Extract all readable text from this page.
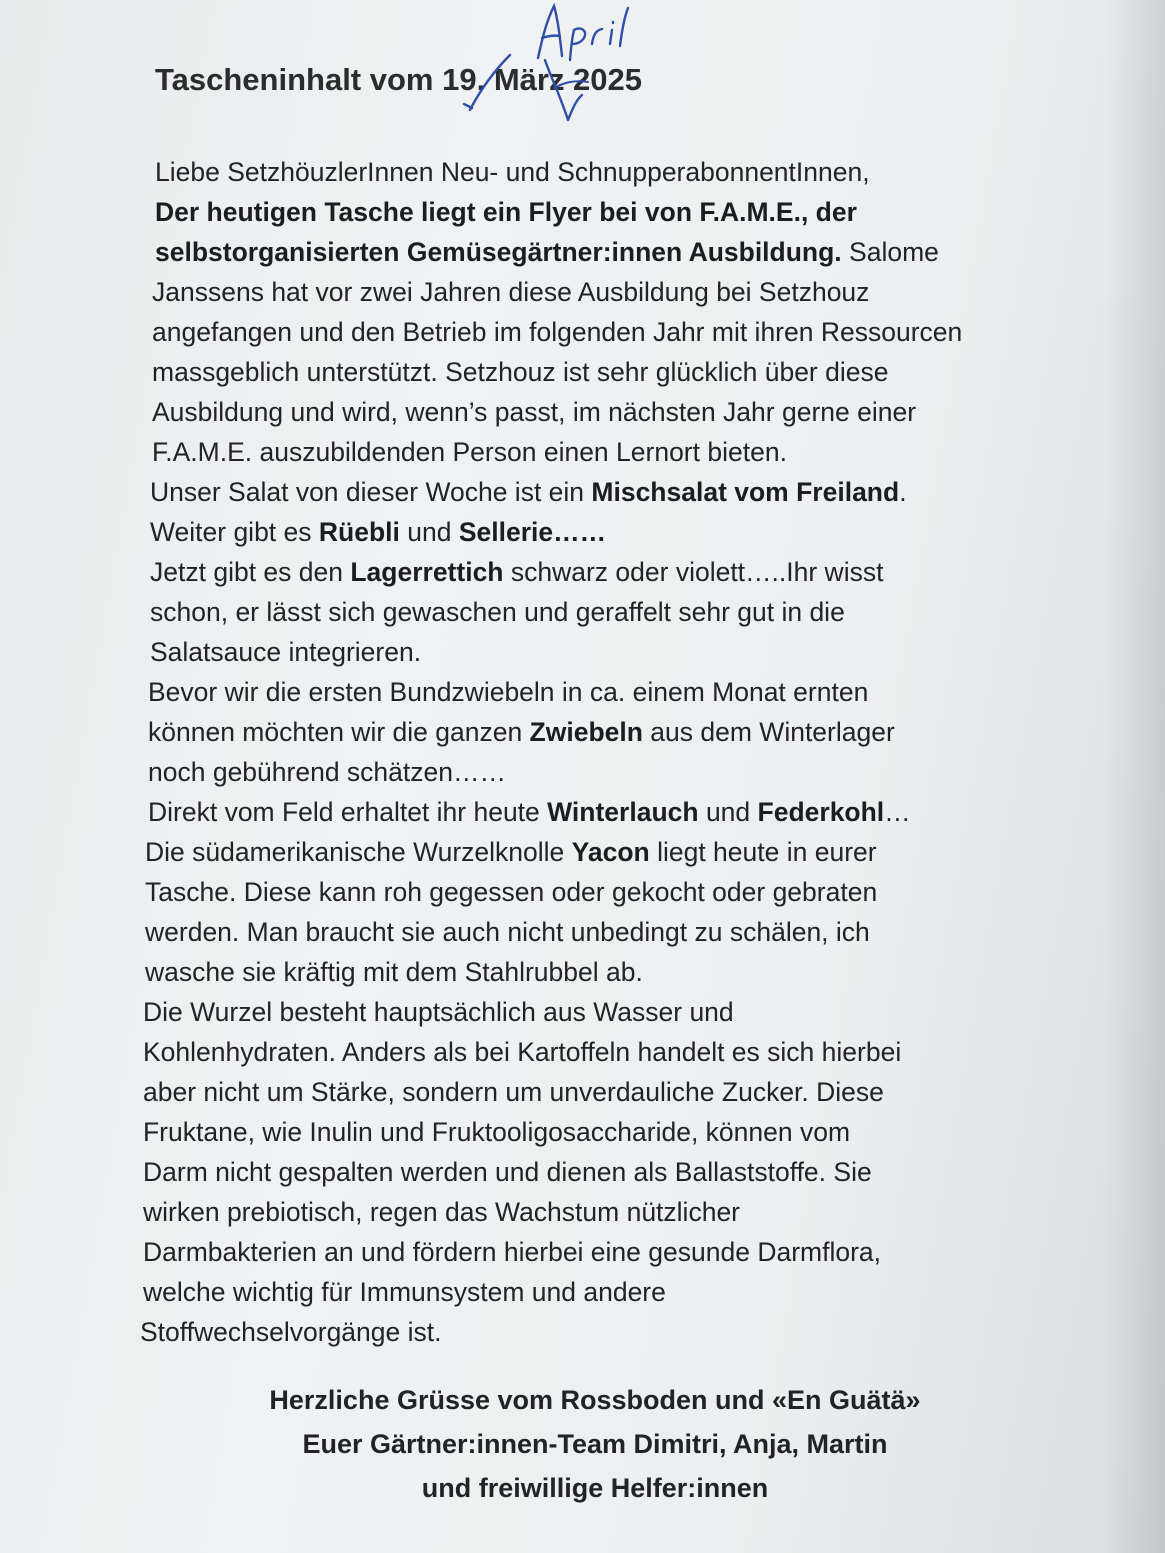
Tascheninhalt vom 19. März 2025
Liebe SetzhöuzlerInnen Neu- und SchnupperabonnentInnen,
Der heutigen Tasche liegt ein Flyer bei von F.A.M.E., der
selbstorganisierten Gemüsegärtner:innen Ausbildung. Salome
Janssens hat vor zwei Jahren diese Ausbildung bei Setzhouz
angefangen und den Betrieb im folgenden Jahr mit ihren Ressourcen
massgeblich unterstützt. Setzhouz ist sehr glücklich über diese
Ausbildung und wird, wenn’s passt, im nächsten Jahr gerne einer
F.A.M.E. auszubildenden Person einen Lernort bieten.
Unser Salat von dieser Woche ist ein Mischsalat vom Freiland.
Weiter gibt es Rüebli und Sellerie……
Jetzt gibt es den Lagerrettich schwarz oder violett…..Ihr wisst
schon, er lässt sich gewaschen und geraffelt sehr gut in die
Salatsauce integrieren.
Bevor wir die ersten Bundzwiebeln in ca. einem Monat ernten
können möchten wir die ganzen Zwiebeln aus dem Winterlager
noch gebührend schätzen……
Direkt vom Feld erhaltet ihr heute Winterlauch und Federkohl…
Die südamerikanische Wurzelknolle Yacon liegt heute in eurer
Tasche. Diese kann roh gegessen oder gekocht oder gebraten
werden. Man braucht sie auch nicht unbedingt zu schälen, ich
wasche sie kräftig mit dem Stahlrubbel ab.
Die Wurzel besteht hauptsächlich aus Wasser und
Kohlenhydraten. Anders als bei Kartoffeln handelt es sich hierbei
aber nicht um Stärke, sondern um unverdauliche Zucker. Diese
Fruktane, wie Inulin und Fruktooligosaccharide, können vom
Darm nicht gespalten werden und dienen als Ballaststoffe. Sie
wirken prebiotisch, regen das Wachstum nützlicher
Darmbakterien an und fördern hierbei eine gesunde Darmflora,
welche wichtig für Immunsystem und andere
Stoffwechselvorgänge ist.
Herzliche Grüsse vom Rossboden und «En Guätä»
Euer Gärtner:innen-Team Dimitri, Anja, Martin
und freiwillige Helfer:innen
